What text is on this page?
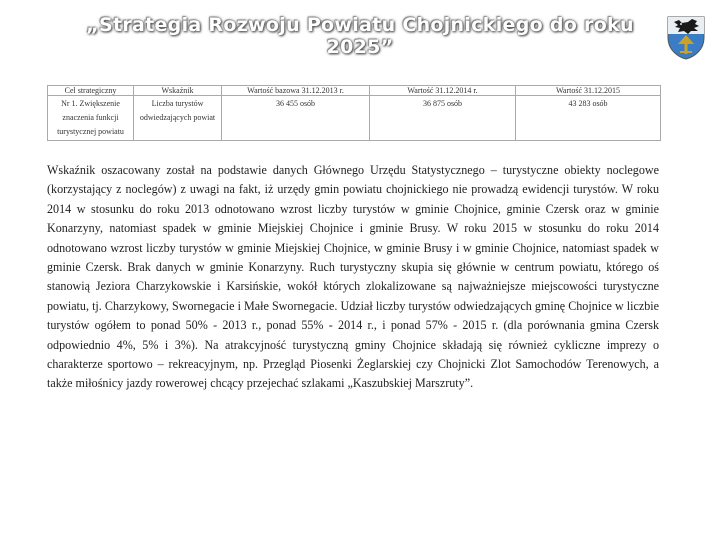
„Strategia Rozwoju Powiatu Chojnickiego do roku 2025”
Cel strategiczny	Wskaźnik	Wartość bazowa 31.12.2013 r.	Wartość 31.12.2014 r.	Wartość 31.12.2015
Nr 1. Zwiększenie znaczenia funkcji turystycznej powiatu	Liczba turystów odwiedzających powiat	36 455 osób	36 875 osób	43 283 osób

Wskaźnik oszacowany został na podstawie danych Głównego Urzędu Statystycznego – turystyczne obiekty noclegowe (korzystający z noclegów) z uwagi na fakt, iż urzędy gmin powiatu chojnickiego nie prowadzą ewidencji turystów. W roku 2014 w stosunku do roku 2013 odnotowano wzrost liczby turystów w gminie Chojnice, gminie Czersk oraz w gminie Konarzyny, natomiast spadek w gminie Miejskiej Chojnice i gminie Brusy. W roku 2015 w stosunku do roku 2014 odnotowano wzrost liczby turystów w gminie Miejskiej Chojnice, w gminie Brusy i w gminie Chojnice, natomiast spadek w gminie Czersk. Brak danych w gminie Konarzyny. Ruch turystyczny skupia się głównie w centrum powiatu, którego oś stanowią Jeziora Charzykowskie i Karsińskie, wokół których zlokalizowane są najważniejsze miejscowości turystyczne powiatu, tj. Charzykowy, Swornegacie i Małe Swornegacie. Udział liczby turystów odwiedzających gminę Chojnice w liczbie turystów ogółem to ponad 50% - 2013 r., ponad 55% - 2014 r., i ponad 57% - 2015 r. (dla porównania gmina Czersk odpowiednio 4%, 5% i 3%). Na atrakcyjność turystyczną gminy Chojnice składają się również cykliczne imprezy o charakterze sportowo – rekreacyjnym, np. Przegląd Piosenki Żeglarskiej czy Chojnicki Zlot Samochodów Terenowych, a także miłośnicy jazdy rowerowej chcący przejechać szlakami „Kaszubskiej Marszruty”.
